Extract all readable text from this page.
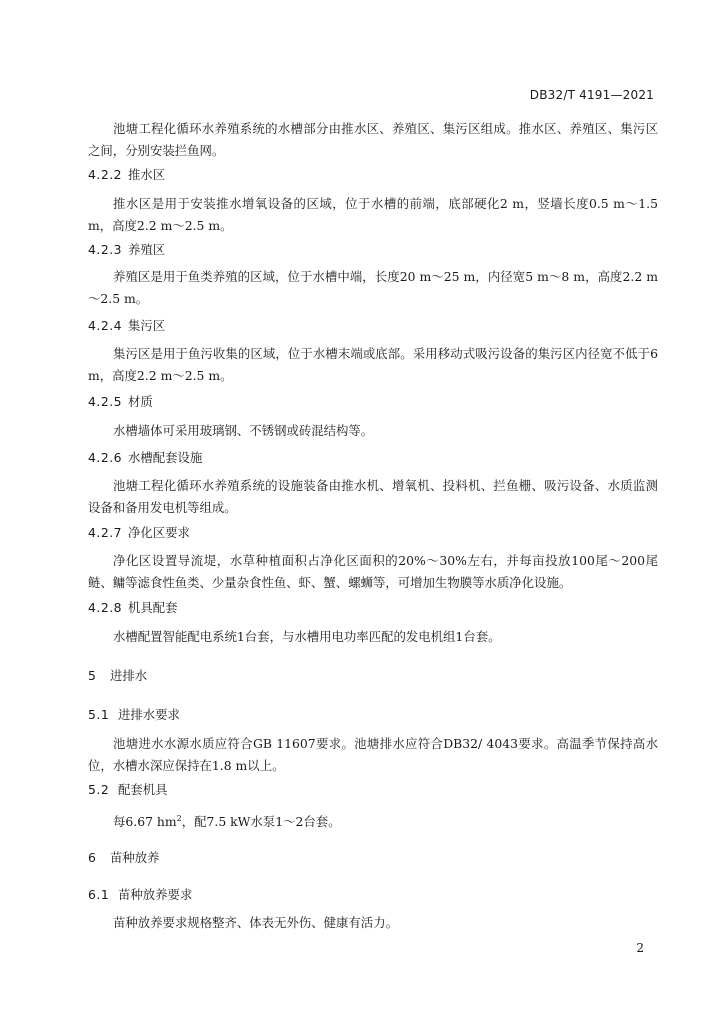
DB32/T 4191—2021

池塘工程化循环水养殖系统的水槽部分由推水区、养殖区、集污区组成。推水区、养殖区、集污区之间，分别安装拦鱼网。

4.2.2 推水区

推水区是用于安装推水增氧设备的区域，位于水槽的前端，底部硬化2 m，竖墙长度0.5 m～1.5 m，高度2.2 m～2.5 m。

4.2.3 养殖区

养殖区是用于鱼类养殖的区域，位于水槽中端，长度20 m～25 m，内径宽5 m～8 m，高度2.2 m～2.5 m。

4.2.4 集污区

集污区是用于鱼污收集的区域，位于水槽末端或底部。采用移动式吸污设备的集污区内径宽不低于6 m，高度2.2 m～2.5 m。

4.2.5 材质

水槽墙体可采用玻璃钢、不锈钢或砖混结构等。

4.2.6 水槽配套设施

池塘工程化循环水养殖系统的设施装备由推水机、增氧机、投料机、拦鱼栅、吸污设备、水质监测设备和备用发电机等组成。

4.2.7 净化区要求

净化区设置导流堤，水草种植面积占净化区面积的20%～30%左右，并每亩投放100尾～200尾鲢、鳙等滤食性鱼类、少量杂食性鱼、虾、蟹、螺蛳等，可增加生物膜等水质净化设施。

4.2.8 机具配套

水槽配置智能配电系统1台套，与水槽用电功率匹配的发电机组1台套。

5 进排水
5.1 进排水要求

池塘进水水源水质应符合GB 11607要求。池塘排水应符合DB32/ 4043要求。高温季节保持高水位，水槽水深应保持在1.8 m以上。

5.2 配套机具

每6.67 $hm^2$，配7.5 kW水泵1～2台套。

6 苗种放养
6.1 苗种放养要求

苗种放养要求规格整齐、体表无外伤、健康有活力。

2
